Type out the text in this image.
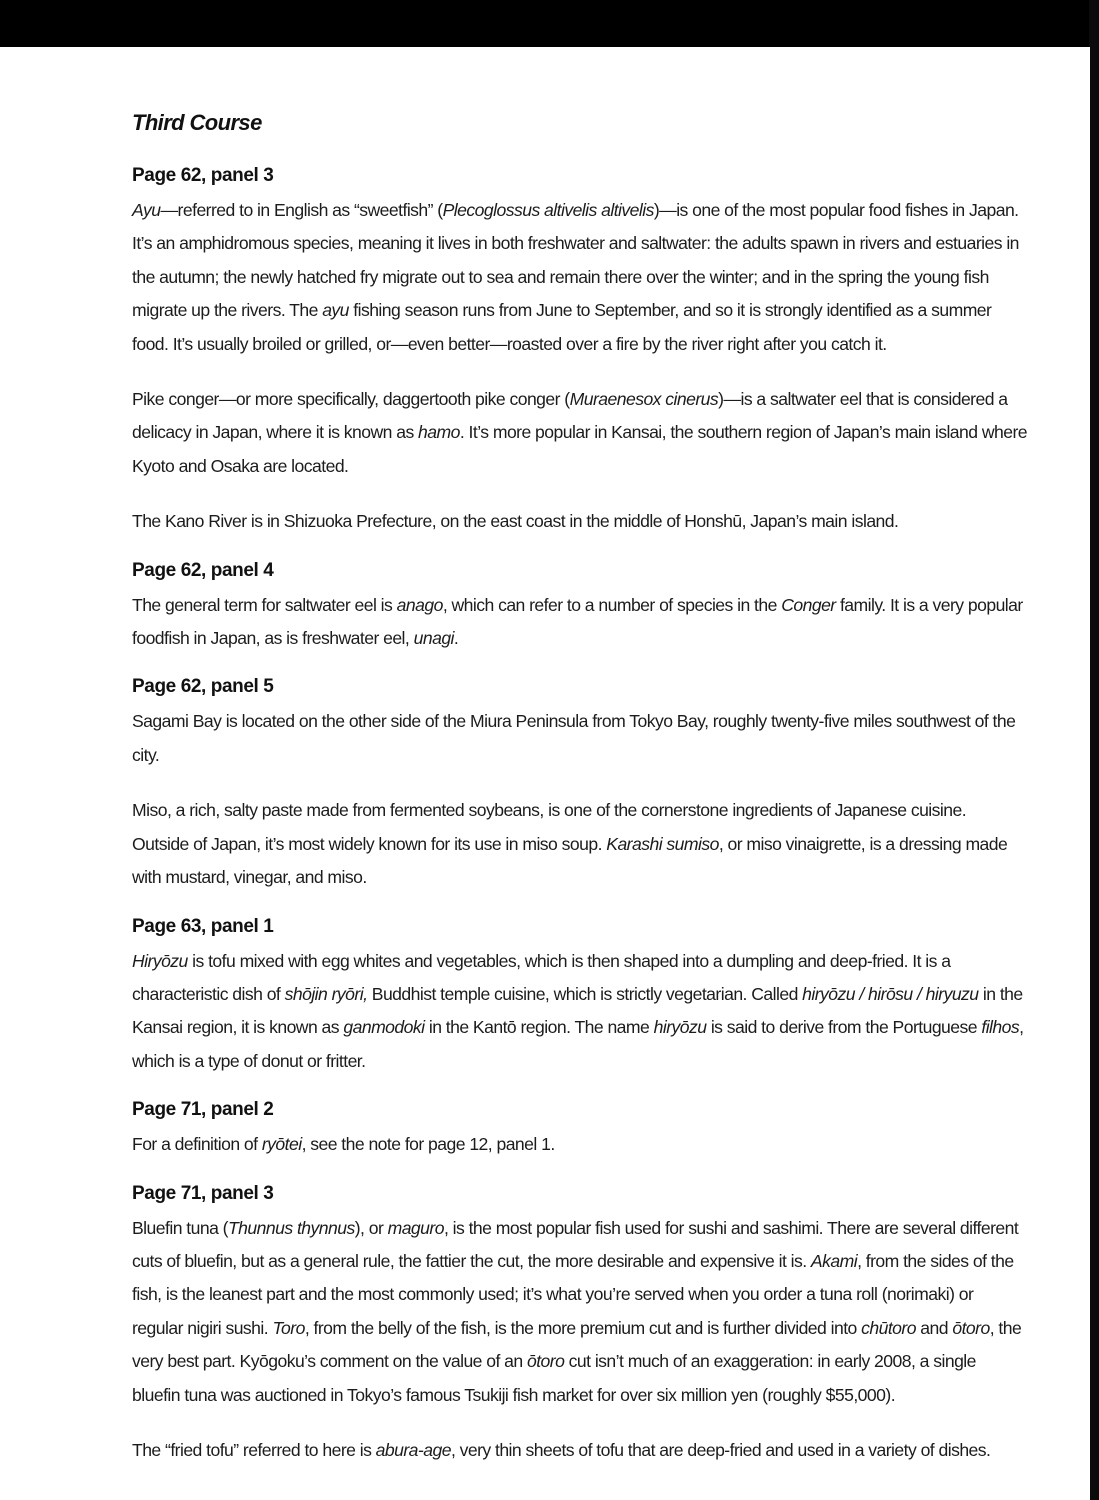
Third Course
Page 62, panel 3

Ayu—referred to in English as “sweetfish” (Plecoglossus altivelis altivelis)—is one of the most popular food fishes in Japan. It’s an amphidromous species, meaning it lives in both freshwater and saltwater: the adults spawn in rivers and estuaries in the autumn; the newly hatched fry migrate out to sea and remain there over the winter; and in the spring the young fish migrate up the rivers. The ayu fishing season runs from June to September, and so it is strongly identified as a summer food. It’s usually broiled or grilled, or—even better—roasted over a fire by the river right after you catch it.

Pike conger—or more specifically, daggertooth pike conger (Muraenesox cinerus)—is a saltwater eel that is considered a delicacy in Japan, where it is known as hamo. It’s more popular in Kansai, the southern region of Japan’s main island where Kyoto and Osaka are located.

The Kano River is in Shizuoka Prefecture, on the east coast in the middle of Honshū, Japan’s main island.

Page 62, panel 4

The general term for saltwater eel is anago, which can refer to a number of species in the Conger family. It is a very popular foodfish in Japan, as is freshwater eel, unagi.

Page 62, panel 5

Sagami Bay is located on the other side of the Miura Peninsula from Tokyo Bay, roughly twenty-five miles southwest of the city.

Miso, a rich, salty paste made from fermented soybeans, is one of the cornerstone ingredients of Japanese cuisine. Outside of Japan, it’s most widely known for its use in miso soup. Karashi sumiso, or miso vinaigrette, is a dressing made with mustard, vinegar, and miso.

Page 63, panel 1

Hiryōzu is tofu mixed with egg whites and vegetables, which is then shaped into a dumpling and deep-fried. It is a characteristic dish of shōjin ryōri, Buddhist temple cuisine, which is strictly vegetarian. Called hiryōzu / hirōsu / hiryuzu in the Kansai region, it is known as ganmodoki in the Kantō region. The name hiryōzu is said to derive from the Portuguese filhos, which is a type of donut or fritter.

Page 71, panel 2

For a definition of ryōtei, see the note for page 12, panel 1.

Page 71, panel 3

Bluefin tuna (Thunnus thynnus), or maguro, is the most popular fish used for sushi and sashimi. There are several different cuts of bluefin, but as a general rule, the fattier the cut, the more desirable and expensive it is. Akami, from the sides of the fish, is the leanest part and the most commonly used; it’s what you’re served when you order a tuna roll (norimaki) or regular nigiri sushi. Toro, from the belly of the fish, is the more premium cut and is further divided into chūtoro and ōtoro, the very best part. Kyōgoku’s comment on the value of an ōtoro cut isn’t much of an exaggeration: in early 2008, a single bluefin tuna was auctioned in Tokyo’s famous Tsukiji fish market for over six million yen (roughly $55,000).

The “fried tofu” referred to here is abura-age, very thin sheets of tofu that are deep-fried and used in a variety of dishes.
